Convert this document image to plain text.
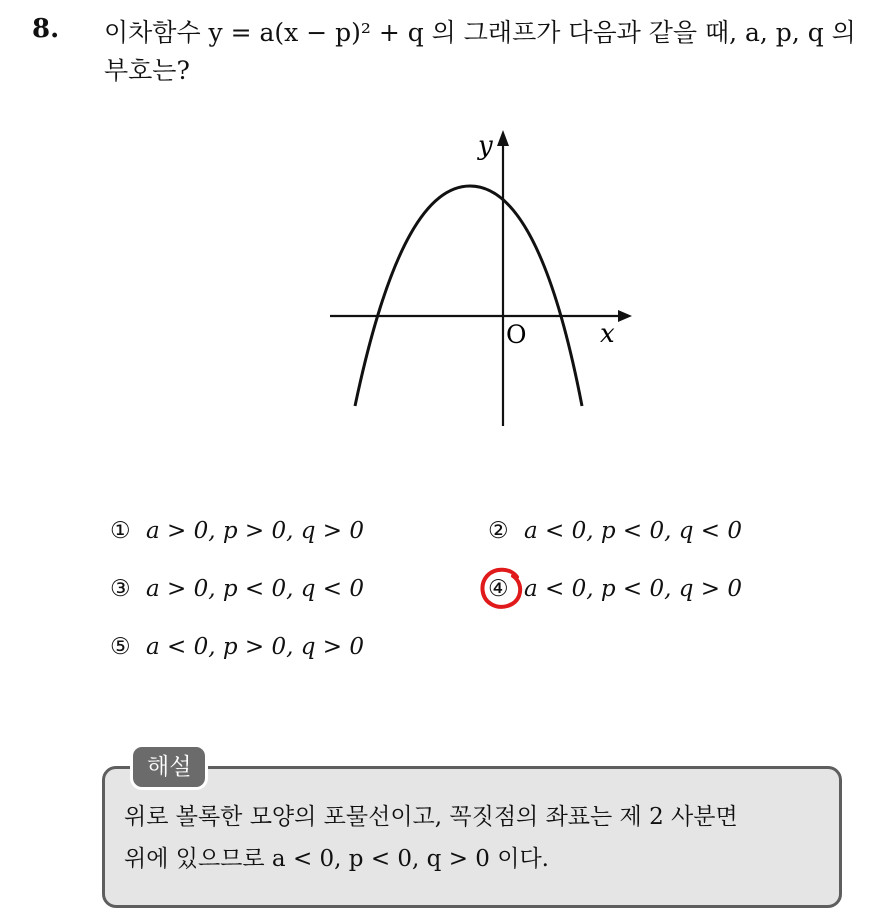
8. 이차함수 y = a(x − p)² + q 의 그래프가 다음과 같을 때, a, p, q 의
부호는?
y
x
O
① a > 0, p > 0, q > 0	② a < 0, p < 0, q < 0
③ a > 0, p < 0, q < 0	④ a < 0, p < 0, q > 0
⑤ a < 0, p > 0, q > 0
해설
위로 볼록한 모양의 포물선이고, 꼭짓점의 좌표는 제 2 사분면
위에 있으므로 a < 0, p < 0, q > 0 이다.
